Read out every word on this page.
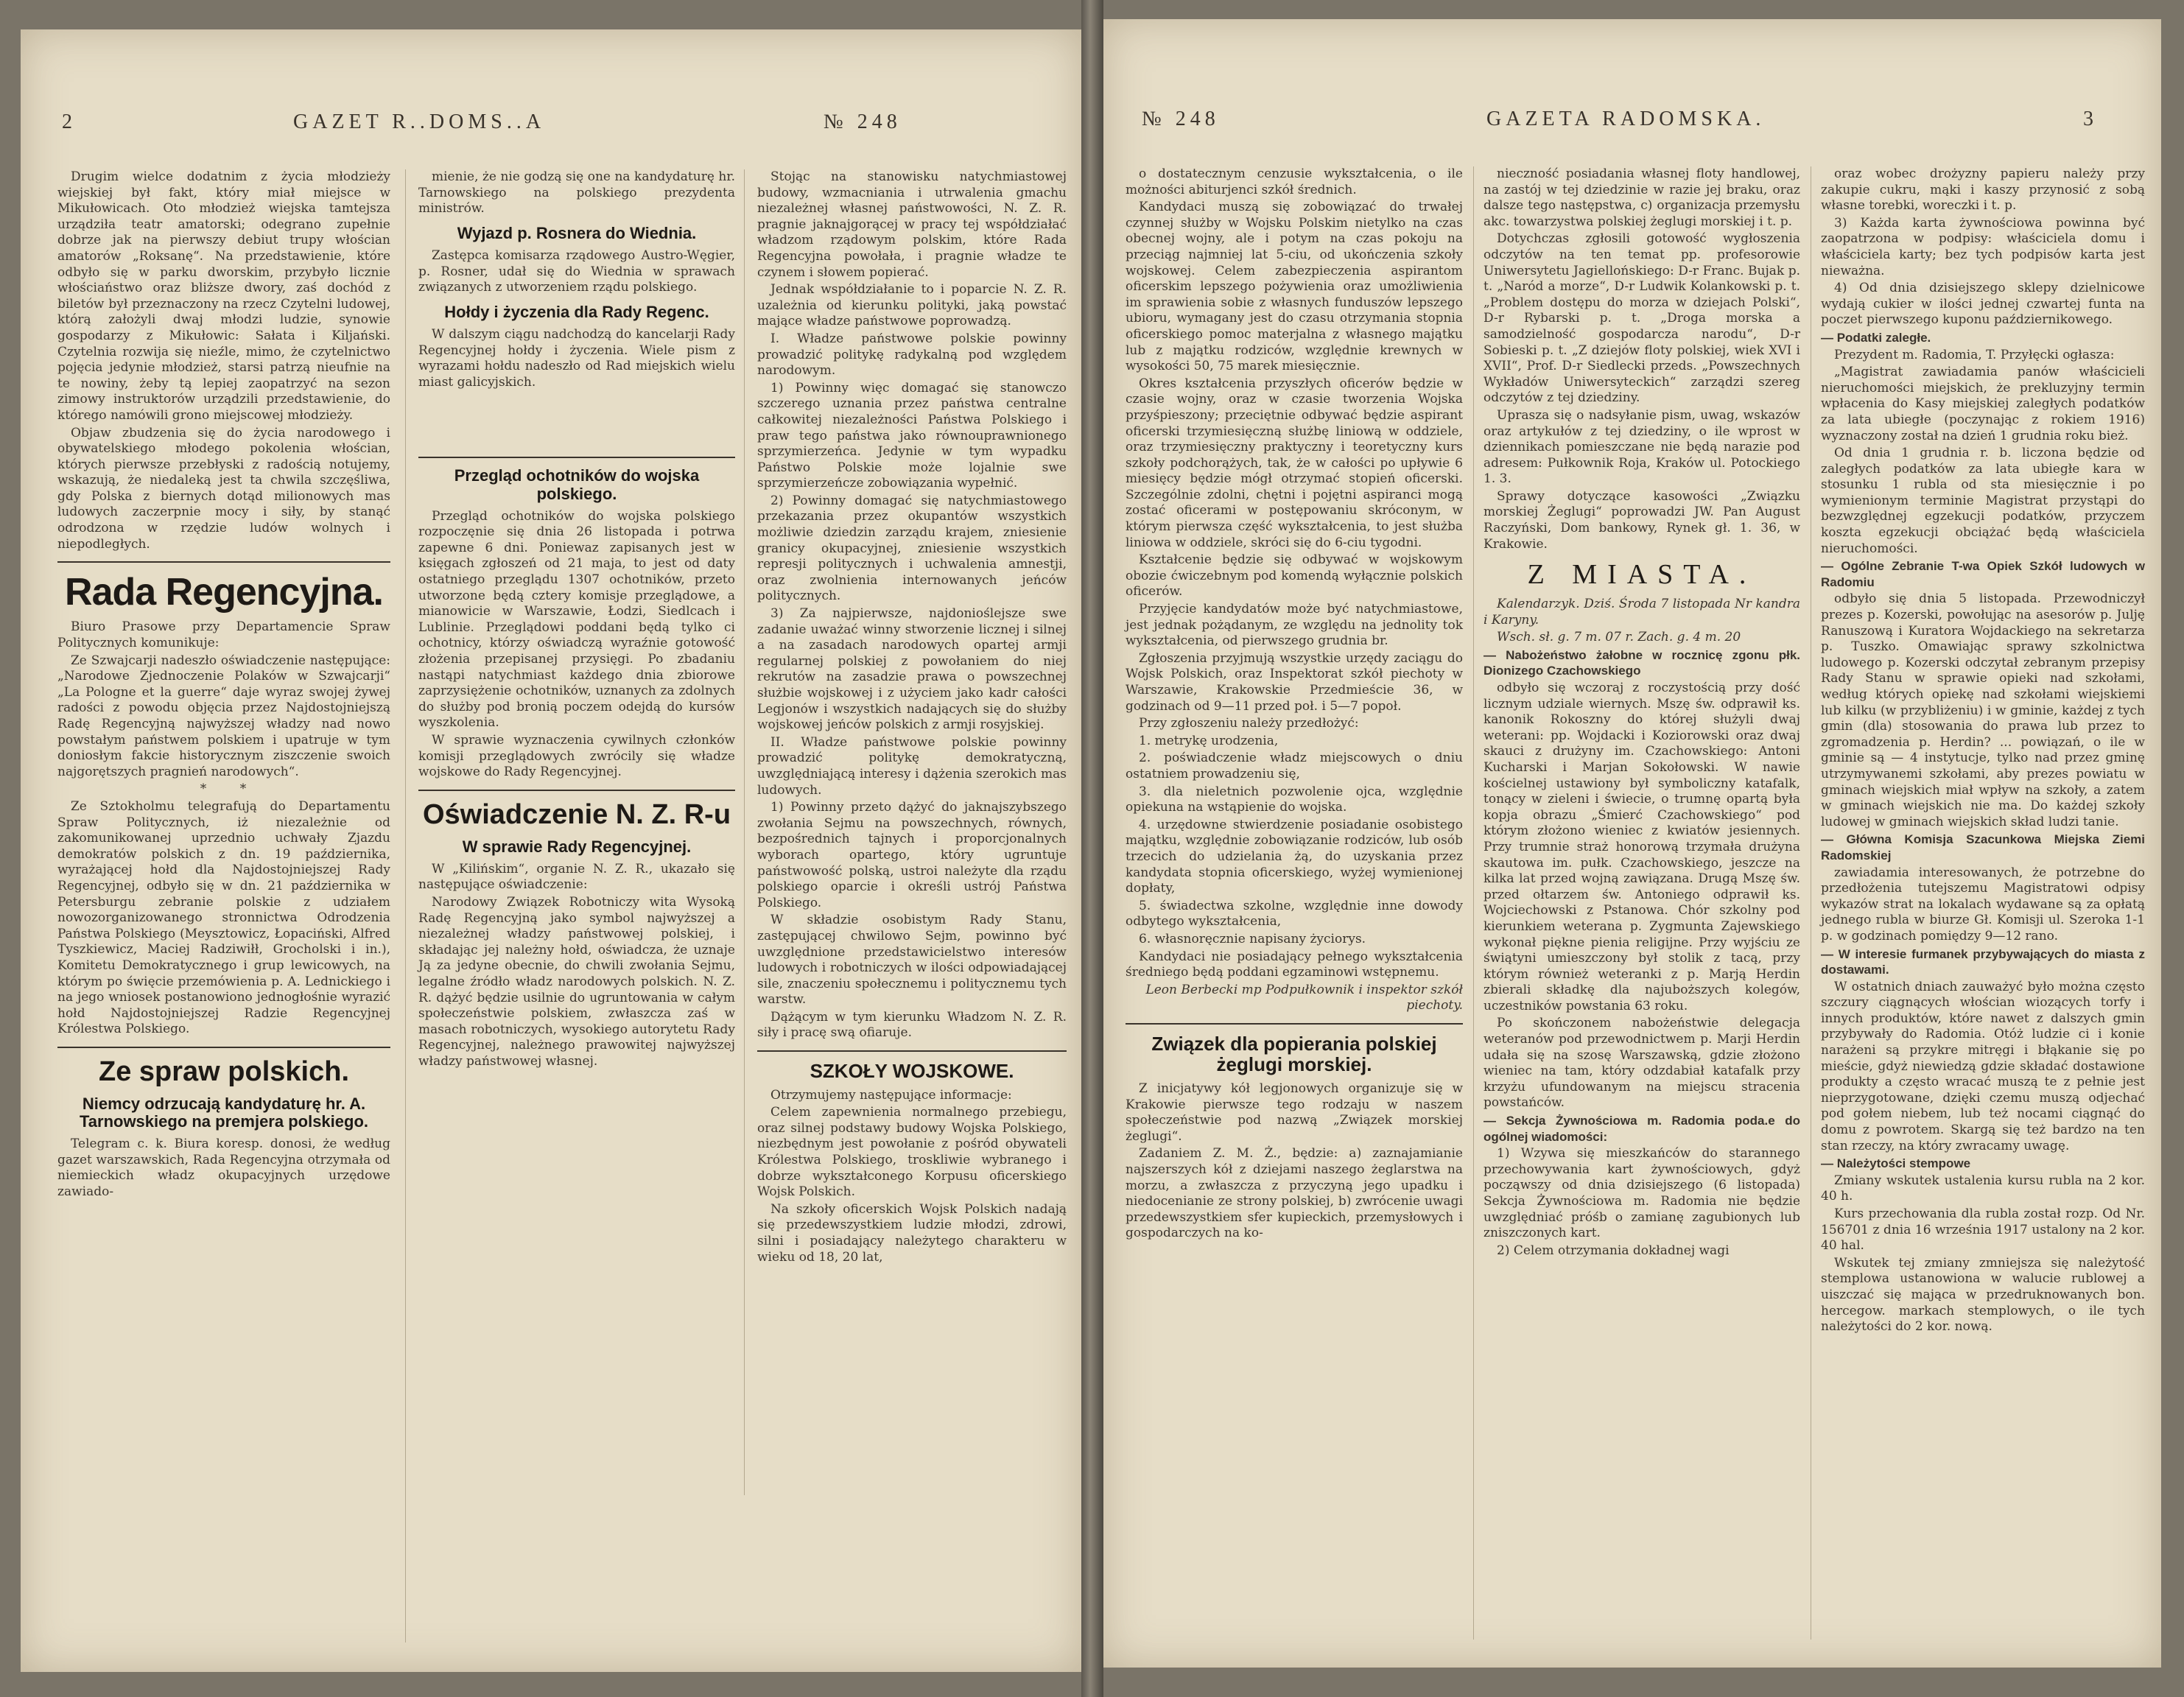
2	GAZET R..DOMS..A	№ 248

Drugim wielce dodatnim z życia młodzieży wiejskiej był fakt, który miał miejsce w Mikułowicach. Oto młodzież wiejska tamtejsza urządziła teatr amatorski; odegrano zupełnie dobrze jak na pierwszy debiut trupy włościan amatorów „Roksanę“. Na przedstawienie, które odbyło się w parku dworskim, przybyło licznie włościaństwo oraz bliższe dwory, zaś dochód z biletów był przeznaczony na rzecz Czytelni ludowej, którą założyli dwaj młodzi ludzie, synowie gospodarzy z Mikułowic: Sałata i Kiljański. Czytelnia rozwija się nieźle, mimo, że czytelnictwo pojęcia jedynie młodzież, starsi patrzą nieufnie na te nowiny, żeby tą lepiej zaopatrzyć na sezon zimowy instruktorów urządzili przedstawienie, do którego namówili grono miejscowej młodzieży.

Objaw zbudzenia się do życia narodowego i obywatelskiego młodego pokolenia włościan, których pierwsze przebłyski z radością notujemy, wskazują, że niedaleką jest ta chwila szczęśliwa, gdy Polska z biernych dotąd milionowych mas ludowych zaczerpnie mocy i siły, by stanąć odrodzona w rzędzie ludów wolnych i niepodległych.

Rada Regencyjna.

Biuro Prasowe przy Departamencie Spraw Politycznych komunikuje:

Ze Szwajcarji nadeszło oświadczenie następujące: „Narodowe Zjednoczenie Polaków w Szwajcarji“ „La Pologne et la guerre“ daje wyraz swojej żywej radości z powodu objęcia przez Najdostojniejszą Radę Regencyjną najwyższej władzy nad nowo powstałym państwem polskiem i upatruje w tym doniosłym fakcie historycznym ziszczenie swoich najgorętszych pragnień narodowych“.

* *

Ze Sztokholmu telegrafują do Departamentu Spraw Politycznych, iż niezależnie od zakomunikowanej uprzednio uchwały Zjazdu demokratów polskich z dn. 19 października, wyrażającej hołd dla Najdostojniejszej Rady Regencyjnej, odbyło się w dn. 21 października w Petersburgu zebranie polskie z udziałem nowozorganizowanego stronnictwa Odrodzenia Państwa Polskiego (Meysztowicz, Łopaciński, Alfred Tyszkiewicz, Maciej Radziwiłł, Grocholski i in.), Komitetu Demokratycznego i grup lewicowych, na którym po święcie przemówienia p. A. Lednickiego i na jego wniosek postanowiono jednogłośnie wyrazić hołd Najdostojniejszej Radzie Regencyjnej Królestwa Polskiego.

Ze spraw polskich.
Niemcy odrzucają kandydaturę hr. A. Tarnowskiego na premjera polskiego.

Telegram c. k. Biura koresp. donosi, że według gazet warszawskich, Rada Regencyjna otrzymała od niemieckich władz okupacyjnych urzędowe zawiado-

mienie, że nie godzą się one na kandydaturę hr. Tarnowskiego na polskiego prezydenta ministrów.

Wyjazd p. Rosnera do Wiednia.

Zastępca komisarza rządowego Austro-Węgier, p. Rosner, udał się do Wiednia w sprawach związanych z utworzeniem rządu polskiego.

Hołdy i życzenia dla Rady Regenc.

W dalszym ciągu nadchodzą do kancelarji Rady Regencyjnej hołdy i życzenia. Wiele pism z wyrazami hołdu nadeszło od Rad miejskich wielu miast galicyjskich.

Przegląd ochotników do wojska polskiego.

Przegląd ochotników do wojska polskiego rozpoczęnie się dnia 26 listopada i potrwa zapewne 6 dni. Poniewaz zapisanych jest w księgach zgłoszeń od 21 maja, to jest od daty ostatniego przeglądu 1307 ochotników, przeto utworzone będą cztery komisje przeglądowe, a mianowicie w Warszawie, Łodzi, Siedlcach i Lublinie. Przeglądowi poddani będą tylko ci ochotnicy, którzy oświadczą wyraźnie gotowość złożenia przepisanej przysięgi. Po zbadaniu nastąpi natychmiast każdego dnia zbiorowe zaprzysiężenie ochotników, uznanych za zdolnych do służby pod bronią poczem odejdą do kursów wyszkolenia.

W sprawie wyznaczenia cywilnych członków komisji przeglądowych zwrócily się władze wojskowe do Rady Regencyjnej.

Oświadczenie N. Z. R-u
W sprawie Rady Regencyjnej.

W „Kilińskim“, organie N. Z. R., ukazało się następujące oświadczenie:

Narodowy Związek Robotniczy wita Wysoką Radę Regencyjną jako symbol najwyższej a niezależnej władzy państwowej polskiej, i składając jej należny hołd, oświadcza, że uznaje Ją za jedyne obecnie, do chwili zwołania Sejmu, legalne źródło władz narodowych polskich. N. Z. R. dążyć będzie usilnie do ugruntowania w całym społeczeństwie polskiem, zwłaszcza zaś w masach robotniczych, wysokiego autorytetu Rady Regencyjnej, należnego prawowitej najwyższej władzy państwowej własnej.

Stojąc na stanowisku natychmiastowej budowy, wzmacniania i utrwalenia gmachu niezależnej własnej państwowości, N. Z. R. pragnie jaknajgorącej w pracy tej współdziałać władzom rządowym polskim, które Rada Regencyjna powołała, i pragnie władze te czynem i słowem popierać.

Jednak współdziałanie to i poparcie N. Z. R. uzależnia od kierunku polityki, jaką powstać mające władze państwowe poprowadzą.

I. Władze państwowe polskie powinny prowadzić politykę radykalną pod względem narodowym.

1) Powinny więc domagać się stanowczo szczerego uznania przez państwa centralne całkowitej niezależności Państwa Polskiego i praw tego państwa jako równouprawnionego sprzymierzeńca. Jedynie w tym wypadku Państwo Polskie może lojalnie swe sprzymierzeńcze zobowiązania wypełnić.

2) Powinny domagać się natychmiastowego przekazania przez okupantów wszystkich możliwie dziedzin zarządu krajem, zniesienie granicy okupacyjnej, zniesienie wszystkich represji politycznych i uchwalenia amnestji, oraz zwolnienia internowanych jeńców politycznych.

3) Za najpierwsze, najdonioślejsze swe zadanie uważać winny stworzenie licznej i silnej a na zasadach narodowych opartej armji regularnej polskiej z powołaniem do niej rekrutów na zasadzie prawa o powszechnej służbie wojskowej i z użyciem jako kadr całości Legjonów i wszystkich nadających się do służby wojskowej jeńców polskich z armji rosyjskiej.

II. Władze państwowe polskie powinny prowadzić politykę demokratyczną, uwzględniającą interesy i dążenia szerokich mas ludowych.

1) Powinny przeto dążyć do jaknajszybszego zwołania Sejmu na powszechnych, równych, bezpośrednich tajnych i proporcjonalnych wyborach opartego, który ugruntuje państwowość polską, ustroi należyte dla rządu polskiego oparcie i określi ustrój Państwa Polskiego.

W składzie osobistym Rady Stanu, zastępującej chwilowo Sejm, powinno być uwzględnione przedstawicielstwo interesów ludowych i robotniczych w ilości odpowiadającej sile, znaczeniu społecznemu i politycznemu tych warstw.

Dążącym w tym kierunku Władzom N. Z. R. siły i pracę swą ofiaruje.

SZKOŁY WOJSKOWE.

Otrzymujemy następujące informacje:

Celem zapewnienia normalnego przebiegu, oraz silnej podstawy budowy Wojska Polskiego, niezbędnym jest powołanie z pośród obywateli Królestwa Polskiego, troskliwie wybranego i dobrze wykształconego Korpusu oficerskiego Wojsk Polskich.

Na szkoły oficerskich Wojsk Polskich nadają się przedewszystkiem ludzie młodzi, zdrowi, silni i posiadający należytego charakteru w wieku od 18, 20 lat,

№ 248	GAZETA RADOMSKA.	3

o dostatecznym cenzusie wykształcenia, o ile możności abiturjenci szkół średnich.

Kandydaci muszą się zobowiązać do trwałej czynnej służby w Wojsku Polskim nietylko na czas obecnej wojny, ale i potym na czas pokoju na przeciąg najmniej lat 5-ciu, od ukończenia szkoły wojskowej. Celem zabezpieczenia aspirantom oficerskim lepszego pożywienia oraz umożliwienia im sprawienia sobie z własnych funduszów lepszego ubioru, wymagany jest do czasu otrzymania stopnia oficerskiego pomoc materjalna z własnego majątku lub z majątku rodziców, względnie krewnych w wysokości 50, 75 marek miesięcznie.

Okres kształcenia przyszłych oficerów będzie w czasie wojny, oraz w czasie tworzenia Wojska przyśpieszony; przeciętnie odbywać będzie aspirant oficerski trzymiesięczną służbę liniową w oddziele, oraz trzymiesięczny praktyczny i teoretyczny kurs szkoły podchorążych, tak, że w całości po upływie 6 miesięcy będzie mógł otrzymać stopień oficerski. Szczególnie zdolni, chętni i pojętni aspiranci mogą zostać oficerami w postępowaniu skróconym, w którym pierwsza część wykształcenia, to jest służba liniowa w oddziele, skróci się do 6-ciu tygodni.

Kształcenie będzie się odbywać w wojskowym obozie ćwiczebnym pod komendą wyłącznie polskich oficerów.

Przyjęcie kandydatów może być natychmiastowe, jest jednak pożądanym, ze względu na jednolity tok wykształcenia, od pierwszego grudnia br.

Zgłoszenia przyjmują wszystkie urzędy zaciągu do Wojsk Polskich, oraz Inspektorat szkół piechoty w Warszawie, Krakowskie Przedmieście 36, w godzinach od 9—11 przed poł. i 5—7 popoł.

Przy zgłoszeniu należy przedłożyć:

1. metrykę urodzenia,

2. poświadczenie władz miejscowych o dniu ostatniem prowadzeniu się,

3. dla nieletnich pozwolenie ojca, względnie opiekuna na wstąpienie do wojska.

4. urzędowne stwierdzenie posiadanie osobistego majątku, względnie zobowiązanie rodziców, lub osób trzecich do udzielania żą, do uzyskania przez kandydata stopnia oficerskiego, wyżej wymienionej dopłaty,

5. świadectwa szkolne, względnie inne dowody odbytego wykształcenia,

6. własnoręcznie napisany życiorys.

Kandydaci nie posiadający pełnego wykształcenia średniego będą poddani egzaminowi wstępnemu.

Leon Berbecki mp Podpułkownik i inspektor szkół piechoty.

Związek dla popierania polskiej żeglugi morskiej.

Z inicjatywy kół legjonowych organizuje się w Krakowie pierwsze tego rodzaju w naszem społeczeństwie pod nazwą „Związek morskiej żeglugi“.

Zadaniem Z. M. Ż., będzie: a) zaznajamianie najszerszych kół z dziejami naszego żeglarstwa na morzu, a zwłaszcza z przyczyną jego upadku i niedocenianie ze strony polskiej, b) zwrócenie uwagi przedewszystkiem sfer kupieckich, przemysłowych i gospodarczych na ko-

nieczność posiadania własnej floty handlowej, na zastój w tej dziedzinie w razie jej braku, oraz dalsze tego następstwa, c) organizacja przemysłu akc. towarzystwa polskiej żeglugi morskiej i t. p.

Dotychczas zgłosili gotowość wygłoszenia odczytów na ten temat pp. profesorowie Uniwersytetu Jagiellońskiego: D-r Franc. Bujak p. t. „Naród a morze“, D-r Ludwik Kolankowski p. t. „Problem dostępu do morza w dziejach Polski“, D-r Rybarski p. t. „Droga morska a samodzielność gospodarcza narodu“, D-r Sobieski p. t. „Z dziejów floty polskiej, wiek XVI i XVII“, Prof. D-r Siedlecki przeds. „Powszechnych Wykładów Uniwersyteckich“ zarządzi szereg odczytów z tej dziedziny.

Uprasza się o nadsyłanie pism, uwag, wskazów oraz artykułów z tej dziedziny, o ile wprost w dziennikach pomieszczane nie będą narazie pod adresem: Pułkownik Roja, Kraków ul. Potockiego 1. 3.

Sprawy dotyczące kasowości „Związku morskiej Żeglugi“ poprowadzi JW. Pan August Raczyński, Dom bankowy, Rynek gł. 1. 36, w Krakowie.

Z MIASTA.

Kalendarzyk. Dziś. Środa 7 listopada Nr kandra i Karyny.

Wsch. sł. g. 7 m. 07 r. Zach. g. 4 m. 20

— Nabożeństwo żałobne w rocznicę zgonu płk. Dionizego Czachowskiego

odbyło się wczoraj z roczystością przy dość licznym udziale wiernych. Mszę św. odprawił ks. kanonik Rokoszny do której służyli dwaj weterani: pp. Wojdacki i Koziorowski oraz dwaj skauci z drużyny im. Czachowskiego: Antoni Kucharski i Marjan Sokołowski. W nawie kościelnej ustawiony był symboliczny katafalk, tonący w zieleni i świecie, o trumnę opartą była kopja obrazu „Śmierć Czachowskiego“ pod którym złożono wieniec z kwiatów jesiennych. Przy trumnie straż honorową trzymała drużyna skautowa im. pułk. Czachowskiego, jeszcze na kilka lat przed wojną zawiązana. Drugą Mszę św. przed ołtarzem św. Antoniego odprawił ks. Wojciechowski z Pstanowa. Chór szkolny pod kierunkiem weterana p. Zygmunta Zajewskiego wykonał piękne pienia religijne. Przy wyjściu ze świątyni umieszczony był stolik z tacą, przy którym również weteranki z p. Marją Herdin zbierali składkę dla najuboższych kolegów, uczestników powstania 63 roku.

Po skończonem nabożeństwie delegacja weteranów pod przewodnictwem p. Marji Herdin udała się na szosę Warszawską, gdzie złożono wieniec na tam, który odzdabiał katafalk przy krzyżu ufundowanym na miejscu stracenia powstańców.

— Sekcja Żywnościowa m. Radomia poda.e do ogólnej wiadomości:

1) Wzywa się mieszkańców do starannego przechowywania kart żywnościowych, gdyż począwszy od dnia dzisiejszego (6 listopada) Sekcja Żywnościowa m. Radomia nie będzie uwzględniać próśb o zamianę zagubionych lub zniszczonych kart.

2) Celem otrzymania dokładnej wagi

oraz wobec drożyzny papieru należy przy zakupie cukru, mąki i kaszy przynosić z sobą własne torebki, woreczki i t. p.

3) Każda karta żywnościowa powinna być zaopatrzona w podpisy: właściciela domu i właściciela karty; bez tych podpisów karta jest nieważna.

4) Od dnia dzisiejszego sklepy dzielnicowe wydają cukier w ilości jednej czwartej funta na poczet pierwszego kuponu październikowego.

— Podatki zaległe.

Prezydent m. Radomia, T. Przyłęcki ogłasza:

„Magistrat zawiadamia panów właścicieli nieruchomości miejskich, że prekluzyjny termin wpłacenia do Kasy miejskiej zaległych podatków za lata ubiegłe (poczynając z rokiem 1916) wyznaczony został na dzień 1 grudnia roku bież.

Od dnia 1 grudnia r. b. liczona będzie od zaległych podatków za lata ubiegłe kara w stosunku 1 rubla od sta miesięcznie i po wymienionym terminie Magistrat przystąpi do bezwzględnej egzekucji podatków, przyczem koszta egzekucji obciążać będą właściciela nieruchomości.

— Ogólne Zebranie T-wa Opiek Szkół ludowych w Radomiu

odbyło się dnia 5 listopada. Przewodniczył prezes p. Kozerski, powołując na asesorów p. Julję Ranuszową i Kuratora Wojdackiego na sekretarza p. Tuszko. Omawiając sprawy szkolnictwa ludowego p. Kozerski odczytał zebranym przepisy Rady Stanu w sprawie opieki nad szkołami, według których opiekę nad szkołami wiejskiemi lub kilku (w przybliżeniu) i w gminie, każdej z tych gmin (dla) stosowania do prawa lub przez to zgromadzenia p. Herdin? ... powiązań, o ile w gminie są — 4 instytucje, tylko nad przez gminę utrzymywanemi szkołami, aby prezes powiatu w gminach wiejskich miał wpływ na szkoły, a zatem w gminach wiejskich nie ma. Do każdej szkoły ludowej w gminach wiejskich skład ludzi tanie.

— Główna Komisja Szacunkowa Miejska Ziemi Radomskiej

zawiadamia interesowanych, że potrzebne do przedłożenia tutejszemu Magistratowi odpisy wykazów strat na lokalach wydawane są za opłatą jednego rubla w biurze Gł. Komisji ul. Szeroka 1-1 p. w godzinach pomiędzy 9—12 rano.

— W interesie furmanek przybywających do miasta z dostawami.

W ostatnich dniach zauważyć było można często szczury ciągnących włościan wiozących torfy i innych produktów, które nawet z dalszych gmin przybywały do Radomia. Otóż ludzie ci i konie narażeni są przykre mitręgi i błąkanie się po mieście, gdyż niewiedzą gdzie składać dostawione produkty a często wracać muszą te z pełnie jest nieprzygotowane, dzięki czemu muszą odjechać pod gołem niebem, lub też nocami ciągnąć do domu z powrotem. Skargą się też bardzo na ten stan rzeczy, na który zwracamy uwagę.

— Należytości stempowe

Zmiany wskutek ustalenia kursu rubla na 2 kor. 40 h.

Kurs przechowania dla rubla został rozp. Od Nr. 156701 z dnia 16 września 1917 ustalony na 2 kor. 40 hal.

Wskutek tej zmiany zmniejsza się należytość stemplowa ustanowiona w walucie rublowej a uiszczać się mająca w przedruknowanych bon. hercegow. markach stemplowych, o ile tych należytości do 2 kor. nową.
